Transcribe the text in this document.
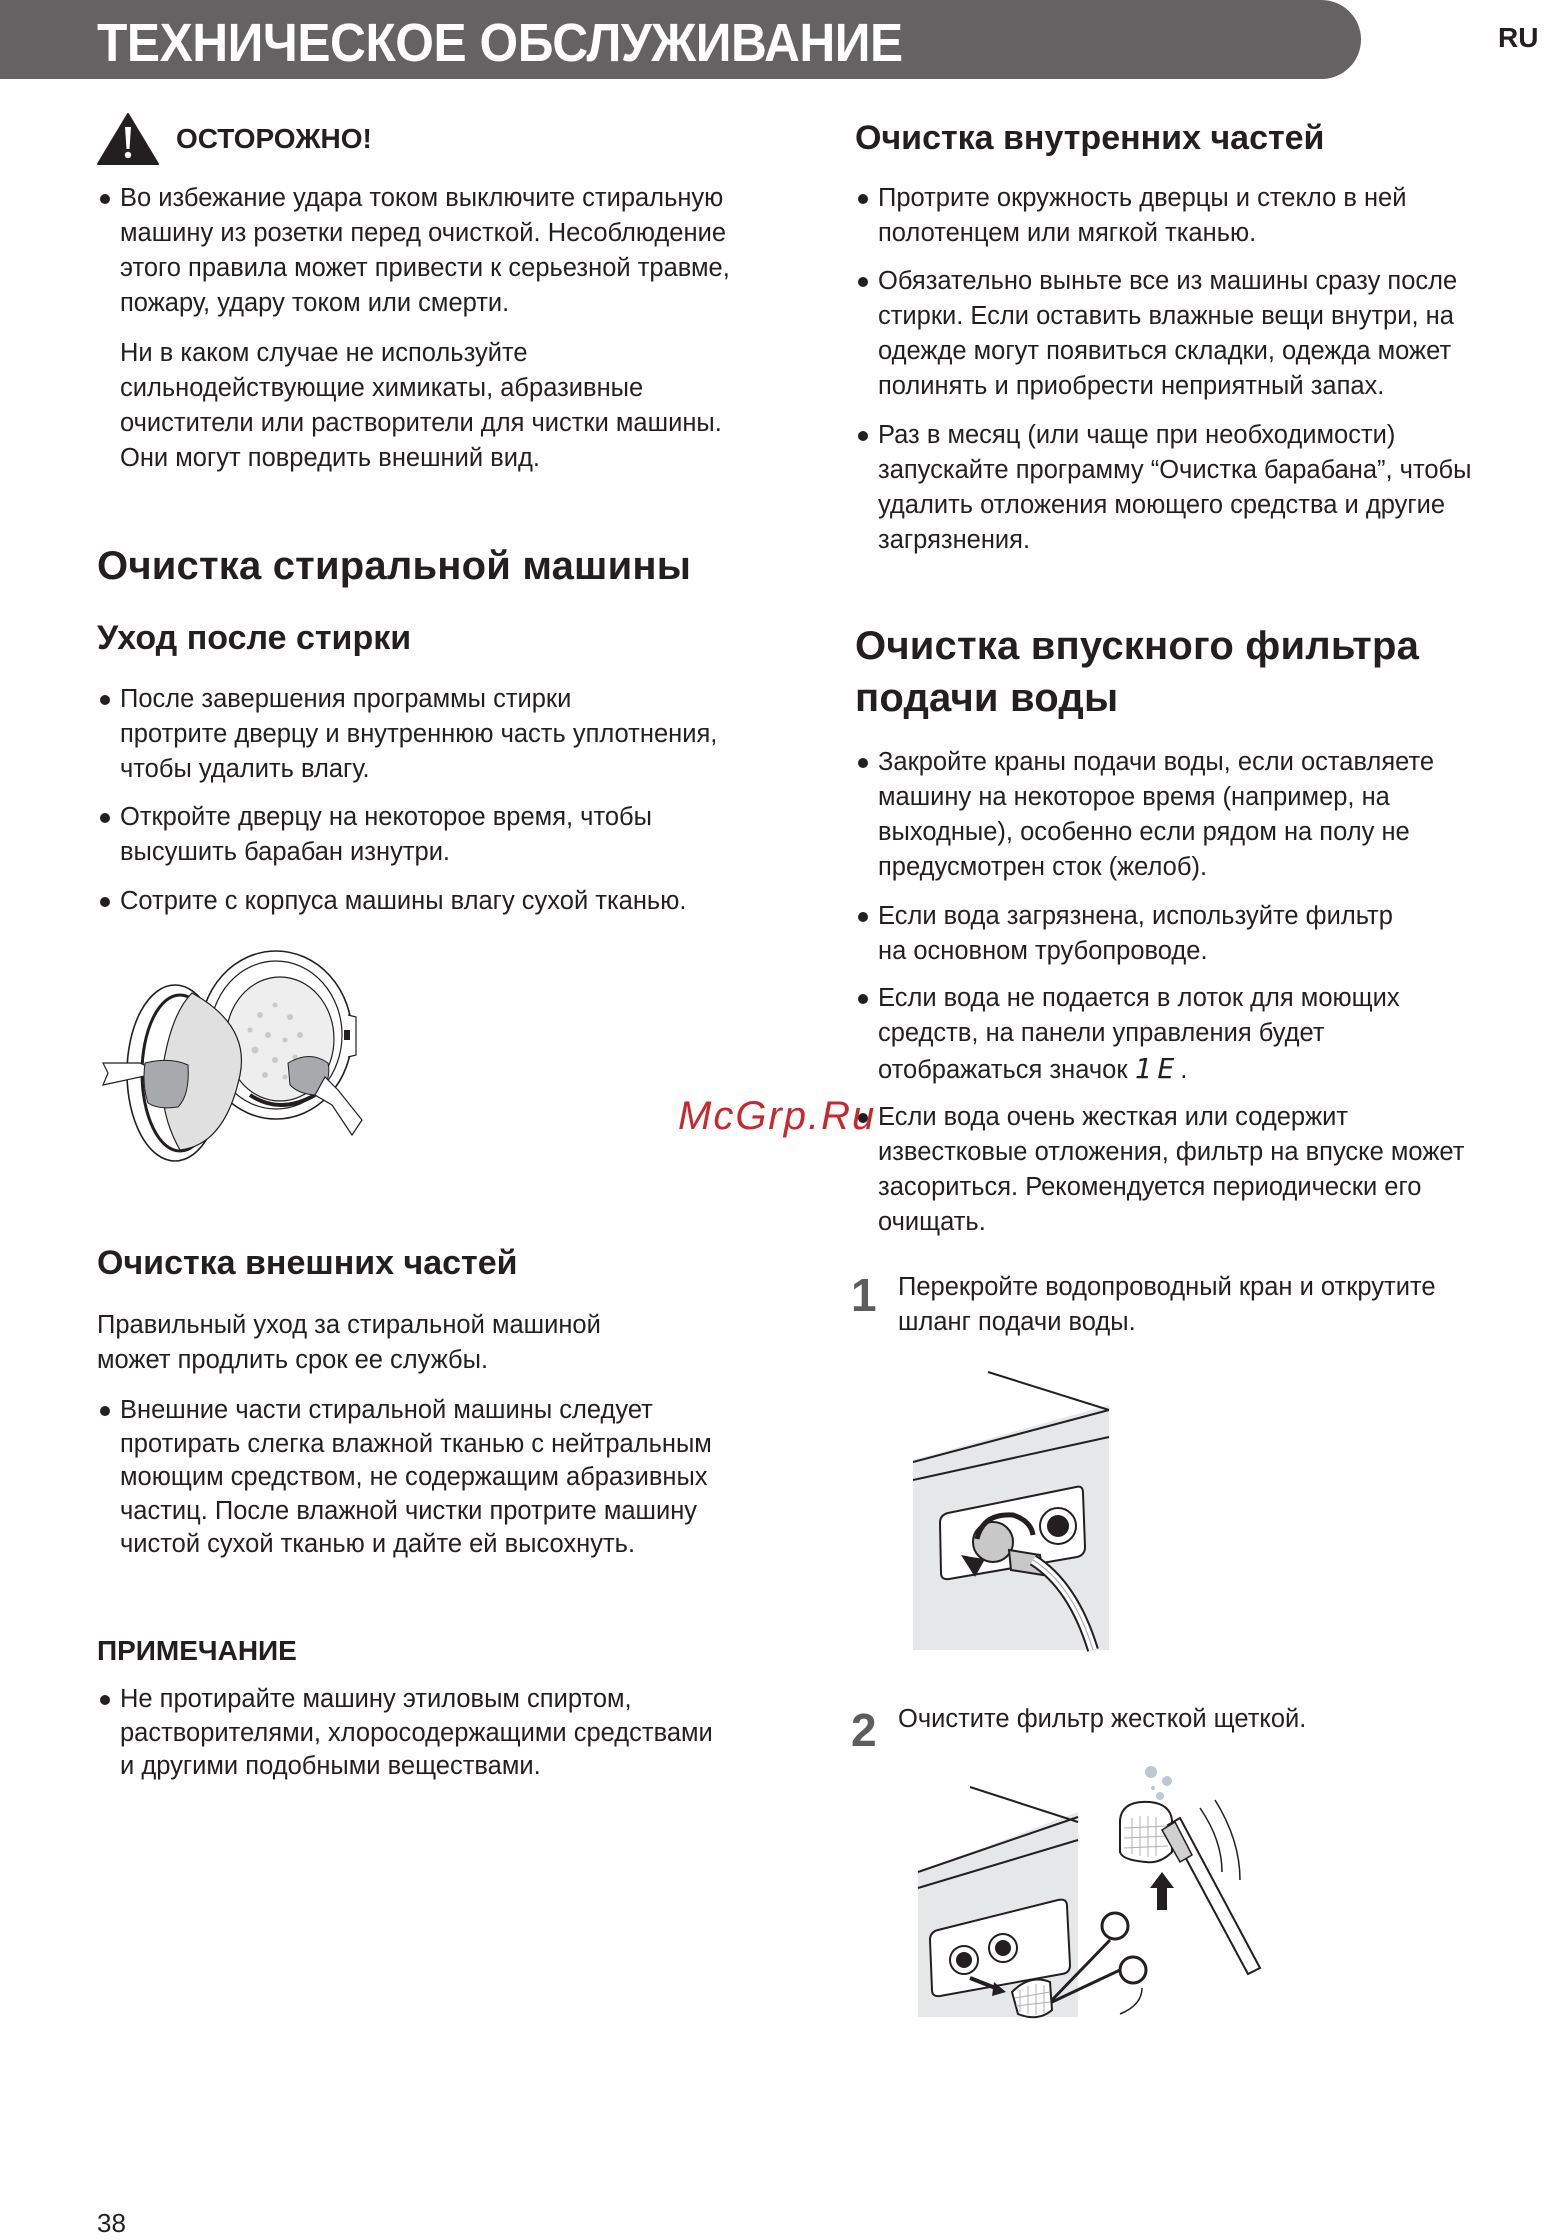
ТЕХНИЧЕСКОЕ ОБСЛУЖИВАНИЕ	RU
ОСТОРОЖНО!
Во избежание удара током выключите стиральную
машину из розетки перед очисткой. Несоблюдение
этого правила может привести к серьезной травме,
пожару, удару током или смерти.
Ни в каком случае не используйте
сильнодействующие химикаты, абразивные
очистители или растворители для чистки машины.
Они могут повредить внешний вид.
Очистка стиральной машины
Уход после стирки
После завершения программы стирки
протрите дверцу и внутреннюю часть уплотнения,
чтобы удалить влагу.
Откройте дверцу на некоторое время, чтобы
высушить барабан изнутри.
Сотрите с корпуса машины влагу сухой тканью.
Очистка внешних частей
Правильный уход за стиральной машиной
может продлить срок ее службы.
Внешние части стиральной машины следует
протирать слегка влажной тканью с нейтральным
моющим средством, не содержащим абразивных
частиц. После влажной чистки протрите машину
чистой сухой тканью и дайте ей высохнуть.
ПРИМЕЧАНИЕ
Не протирайте машину этиловым спиртом,
растворителями, хлоросодержащими средствами
и другими подобными веществами.
Очистка внутренних частей
Протрите окружность дверцы и стекло в ней
полотенцем или мягкой тканью.
Обязательно выньте все из машины сразу после
стирки. Если оставить влажные вещи внутри, на
одежде могут появиться складки, одежда может
полинять и приобрести неприятный запах.
Раз в месяц (или чаще при необходимости)
запускайте программу “Очистка барабана”, чтобы
удалить отложения моющего средства и другие
загрязнения.
Очистка впускного фильтра
подачи воды
Закройте краны подачи воды, если оставляете
машину на некоторое время (например, на
выходные), особенно если рядом на полу не
предусмотрен сток (желоб).
Если вода загрязнена, используйте фильтр
на основном трубопроводе.
Если вода не подается в лоток для моющих
средств, на панели управления будет
отображаться значок 1E.
Если вода очень жесткая или содержит
известковые отложения, фильтр на впуске может
засориться. Рекомендуется периодически его
очищать.
1 Перекройте водопроводный кран и открутите
шланг подачи воды.
2 Очистите фильтр жесткой щеткой.
McGrp.Ru
38
